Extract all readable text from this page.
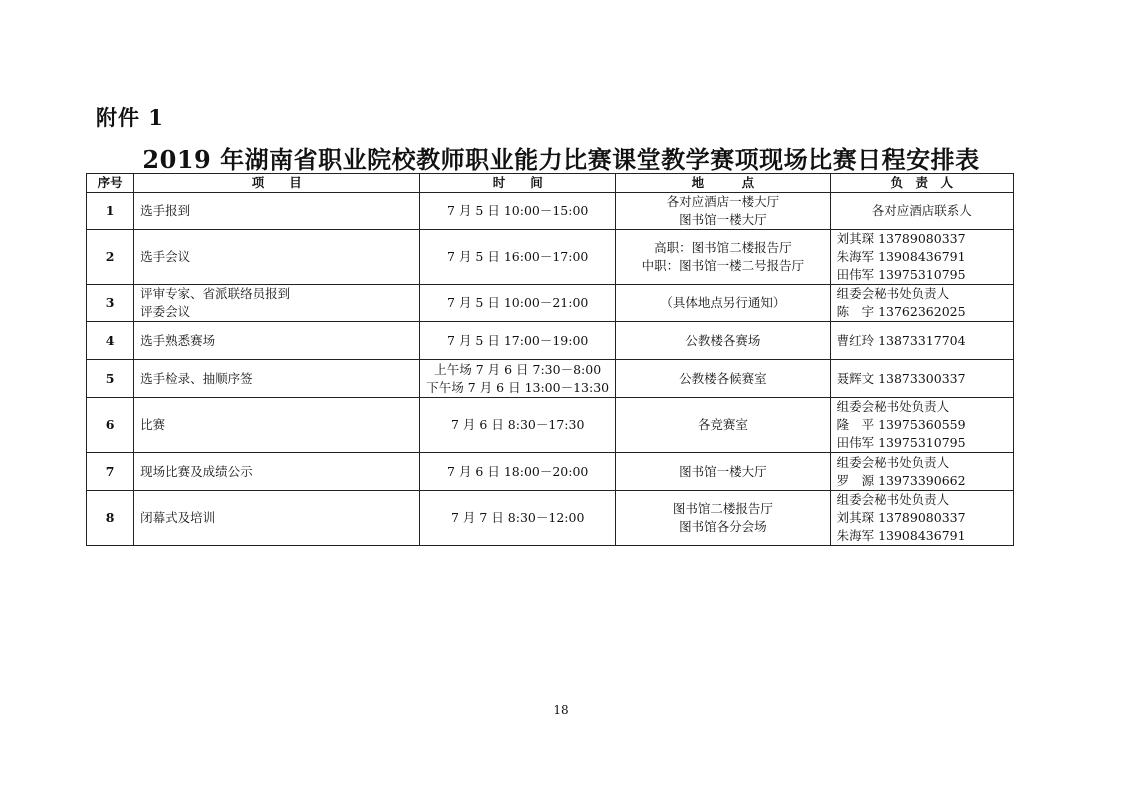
附件 1
2019 年湖南省职业院校教师职业能力比赛课堂教学赛项现场比赛日程安排表
序号	项　　目	时　　间	地　　　点	负　责　人
1	选手报到	7 月 5 日 10:00－15:00	各对应酒店一楼大厅
图书馆一楼大厅	各对应酒店联系人

2	选手会议	7 月 5 日 16:00－17:00	高职：图书馆二楼报告厅
中职：图书馆一楼二号报告厅	刘其琛 13789080337
朱海军 13908436791
田伟军 13975310795

3	评审专家、省派联络员报到
评委会议	7 月 5 日 10:00－21:00	（具体地点另行通知）	组委会秘书处负责人
陈　宇 13762362025

4	选手熟悉赛场	7 月 5 日 17:00－19:00	公教楼各赛场	曹红玲 13873317704

5	选手检录、抽顺序签	上午场 7 月 6 日 7:30－8:00
下午场 7 月 6 日 13:00－13:30	公教楼各候赛室	聂辉文 13873300337

6	比赛	7 月 6 日 8:30－17:30	各竞赛室	组委会秘书处负责人
隆　平 13975360559
田伟军 13975310795

7	现场比赛及成绩公示	7 月 6 日 18:00－20:00	图书馆一楼大厅	组委会秘书处负责人
罗　源 13973390662

8	闭幕式及培训	7 月 7 日 8:30－12:00	图书馆二楼报告厅
图书馆各分会场	组委会秘书处负责人
刘其琛 13789080337
朱海军 13908436791
18
